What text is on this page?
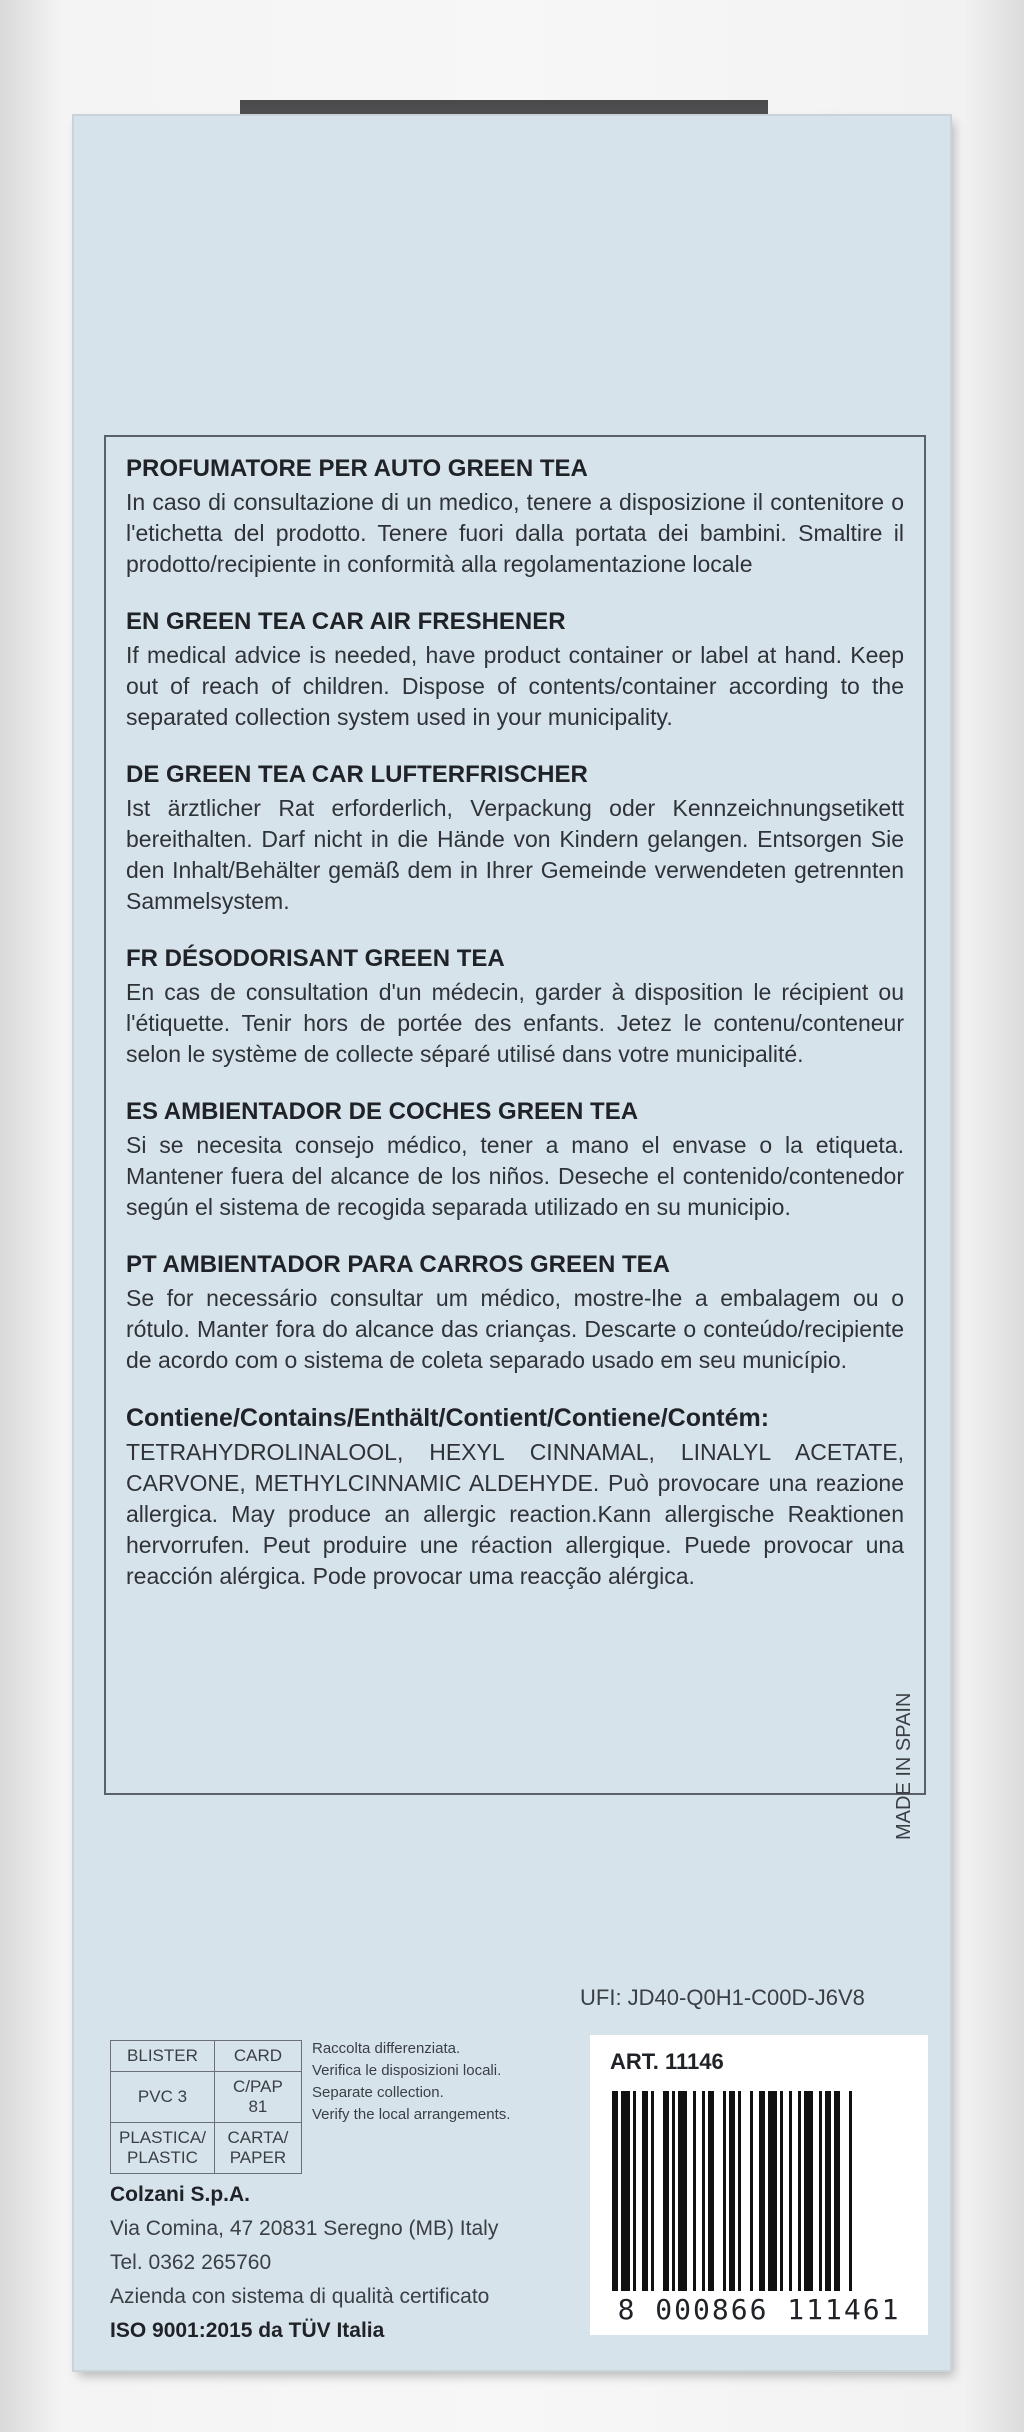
PROFUMATORE PER AUTO GREEN TEA

In caso di consultazione di un medico, tenere a disposizione il contenitore o l'etichetta del prodotto. Tenere fuori dalla portata dei bambini. Smaltire il prodotto/recipiente in conformità alla regolamentazione locale

EN GREEN TEA CAR AIR FRESHENER

If medical advice is needed, have product container or label at hand. Keep out of reach of children. Dispose of contents/container according to the separated collection system used in your municipality.

DE GREEN TEA CAR LUFTERFRISCHER

Ist ärztlicher Rat erforderlich, Verpackung oder Kennzeichnungsetikett bereithalten. Darf nicht in die Hände von Kindern gelangen. Entsorgen Sie den Inhalt/Behälter gemäß dem in Ihrer Gemeinde verwendeten getrennten Sammelsystem.

FR DÉSODORISANT GREEN TEA

En cas de consultation d'un médecin, garder à disposition le récipient ou l'étiquette. Tenir hors de portée des enfants. Jetez le contenu/conteneur selon le système de collecte séparé utilisé dans votre municipalité.

ES AMBIENTADOR DE COCHES GREEN TEA

Si se necesita consejo médico, tener a mano el envase o la etiqueta. Mantener fuera del alcance de los niños. Deseche el contenido/contenedor según el sistema de recogida separada utilizado en su municipio.

PT AMBIENTADOR PARA CARROS GREEN TEA

Se for necessário consultar um médico, mostre-lhe a embalagem ou o rótulo. Manter fora do alcance das crianças. Descarte o conteúdo/recipiente de acordo com o sistema de coleta separado usado em seu município.

Contiene/Contains/Enthält/Contient/Contiene/Contém:

TETRAHYDROLINALOOL, HEXYL CINNAMAL, LINALYL ACETATE, CARVONE, METHYLCINNAMIC ALDEHYDE. Può provocare una reazione allergica. May produce an allergic reaction.Kann allergische Reaktionen hervorrufen. Peut produire une réaction allergique. Puede provocar una reacción alérgica. Pode provocar uma reacção alérgica.

MADE IN SPAIN
UFI: JD40-Q0H1-C00D-J6V8
BLISTER	CARD
PVC 3	C/PAP 81
PLASTICA/ PLASTIC	CARTA/ PAPER
Raccolta differenziata.
Verifica le disposizioni locali.
Separate collection.
Verify the local arrangements.
ART. 11146
8 000866 111461
Colzani S.p.A.
Via Comina, 47 20831 Seregno (MB) Italy
Tel. 0362 265760
Azienda con sistema di qualità certificato
ISO 9001:2015 da TÜV Italia
